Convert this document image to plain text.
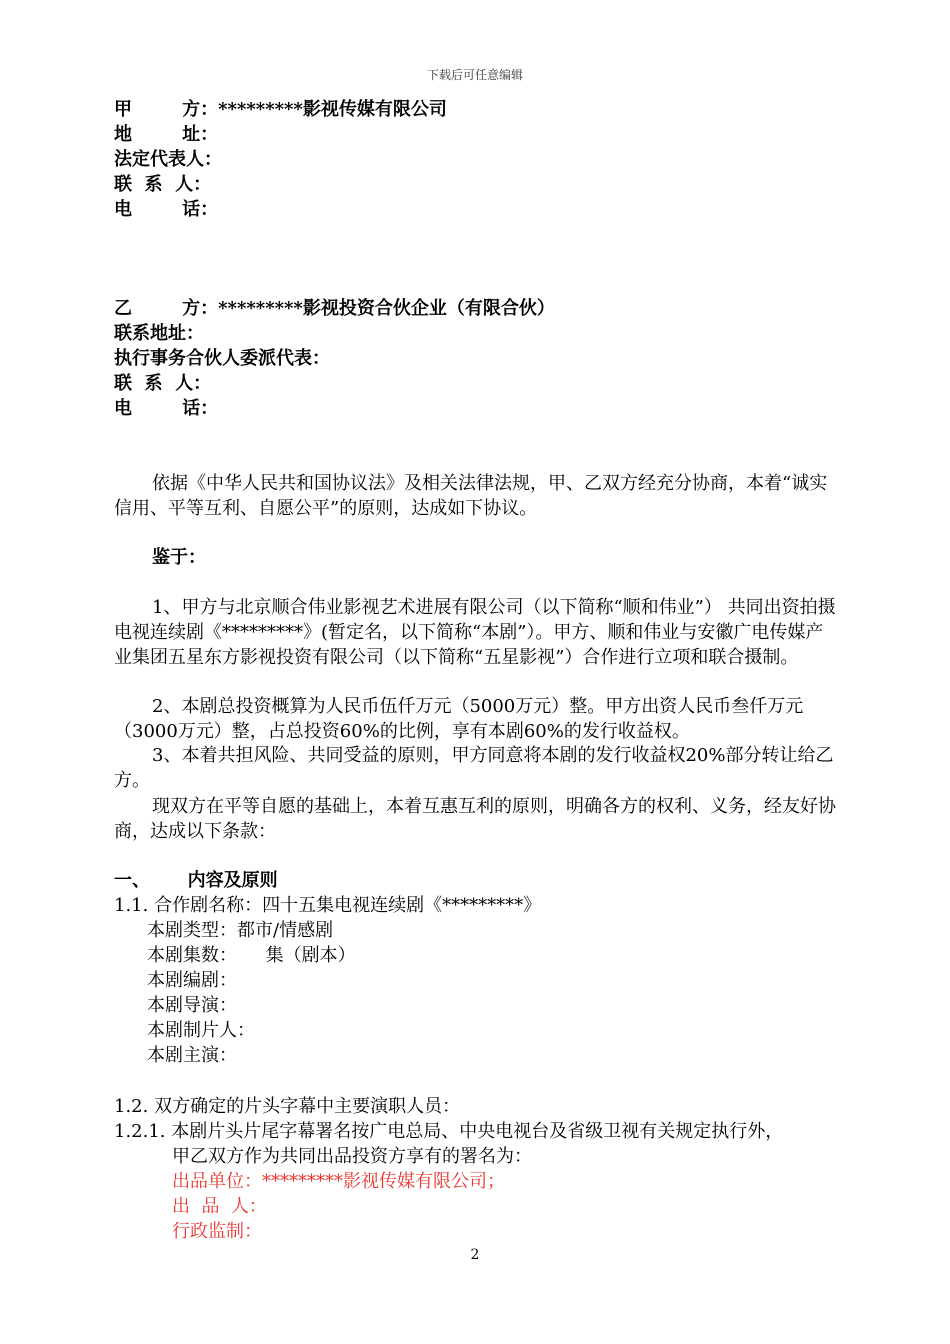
下载后可任意编辑
甲        方：*********影视传媒有限公司
地        址：
法定代表人：
联  系  人：
电        话：
乙        方：*********影视投资合伙企业（有限合伙）
联系地址：
执行事务合伙人委派代表：
联  系  人：
电        话：
依据《中华人民共和国协议法》及相关法律法规，甲、乙双方经充分协商，本着“诚实信用、平等互利、自愿公平”的原则，达成如下协议。
鉴于：
1、甲方与北京顺合伟业影视艺术进展有限公司（以下简称“顺和伟业”） 共同出资拍摄电视连续剧《*********》(暂定名，以下简称“本剧”）。甲方、顺和伟业与安徽广电传媒产业集团五星东方影视投资有限公司（以下简称“五星影视”）合作进行立项和联合摄制。
2、本剧总投资概算为人民币伍仟万元（5000万元）整。甲方出资人民币叁仟万元（3000万元）整，占总投资60%的比例，享有本剧60%的发行收益权。
3、本着共担风险、共同受益的原则，甲方同意将本剧的发行收益权20%部分转让给乙方。
现双方在平等自愿的基础上，本着互惠互利的原则，明确各方的权利、义务，经友好协商，达成以下条款：
一、      内容及原则
1.1. 合作剧名称：四十五集电视连续剧《*********》
本剧类型：都市/情感剧
本剧集数：     集（剧本）
本剧编剧：
本剧导演：
本剧制片人：
本剧主演：
1.2. 双方确定的片头字幕中主要演职人员：
1.2.1. 本剧片头片尾字幕署名按广电总局、中央电视台及省级卫视有关规定执行外，
甲乙双方作为共同出品投资方享有的署名为：
出品单位：*********影视传媒有限公司；
出  品  人：
行政监制：
2
